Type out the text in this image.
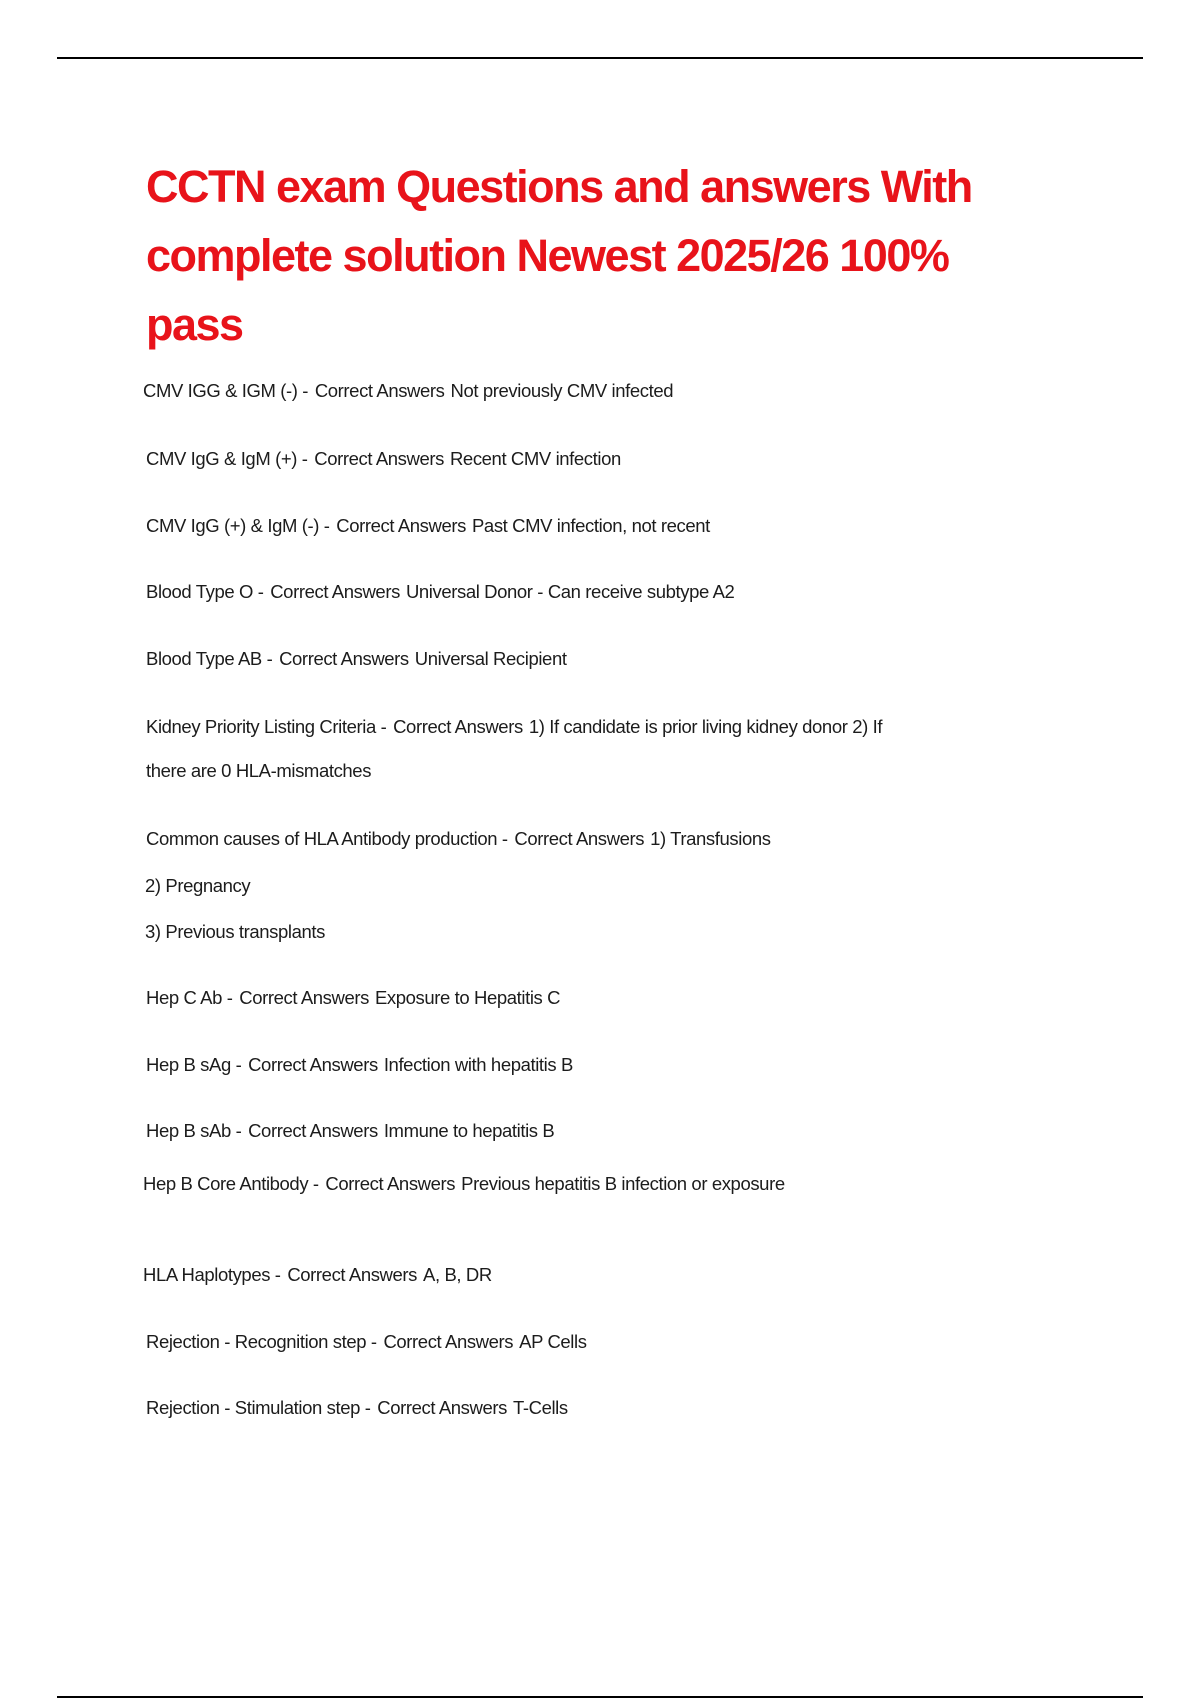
CCTN exam Questions and answers With complete solution Newest 2025/26 100% pass
CMV IGG & IGM (-) - Correct Answers Not previously CMV infected
CMV IgG & IgM (+) - Correct Answers Recent CMV infection
CMV IgG (+) & IgM (-) - Correct Answers Past CMV infection, not recent
Blood Type O - Correct Answers Universal Donor - Can receive subtype A2
Blood Type AB - Correct Answers Universal Recipient
Kidney Priority Listing Criteria - Correct Answers 1) If candidate is prior living kidney donor 2) If
there are 0 HLA-mismatches
Common causes of HLA Antibody production - Correct Answers 1) Transfusions
2) Pregnancy
3) Previous transplants
Hep C Ab - Correct Answers Exposure to Hepatitis C
Hep B sAg - Correct Answers Infection with hepatitis B
Hep B sAb - Correct Answers Immune to hepatitis B
Hep B Core Antibody - Correct Answers Previous hepatitis B infection or exposure
HLA Haplotypes - Correct Answers A, B, DR
Rejection - Recognition step - Correct Answers AP Cells
Rejection - Stimulation step - Correct Answers T-Cells
